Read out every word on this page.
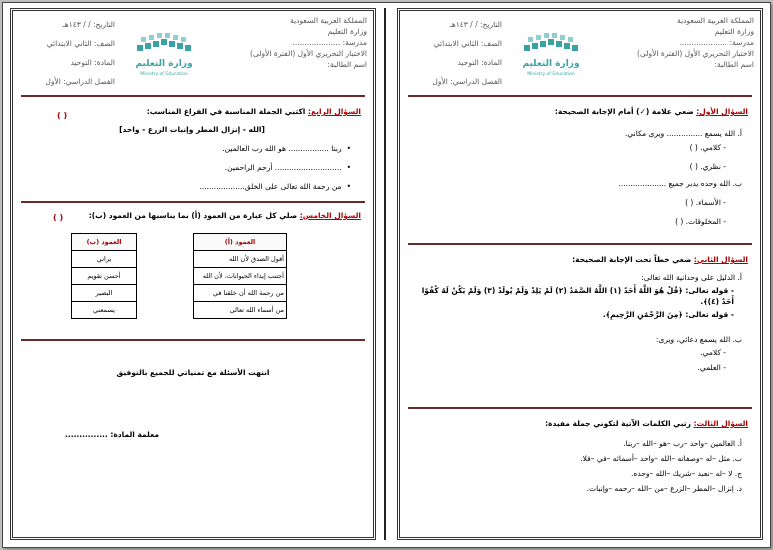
المملكة العربية السعودية
وزارة التعليم
مدرسة: ....................
الاختبار التحريري الأول (الفترة الأولى)
اسم الطالبة:
وزارة التعليم
Ministry of Education
التاريخ: / / ١٤٣هـ
الصف: الثاني الابتدائي
المادة: التوحيد
الفصل الدراسي: الأول
السؤال الأول: ضعي علامة (✓) أمام الإجابة الصحيحة:
أ. الله يسمع ............... ويرى مكاني.
- كلامي. ( )
- نظري. ( )
ب. الله وحده يدبر جميع ....................
- الأسماء. ( )
- المخلوقات. ( )
السؤال الثاني: ضعي خطاً تحت الإجابة الصحيحة:
أ. الدليل على وحدانية الله تعالى:
- قوله تعالى: ﴿قُلْ هُوَ اللَّهُ أَحَدٌ (١) اللَّهُ الصَّمَدُ (٢) لَمْ يَلِدْ وَلَمْ يُولَدْ (٣) وَلَمْ يَكُنْ لَهُ كُفُوًا أَحَدٌ (٤)﴾.
- قوله تعالى: ﴿مِنَ الرَّحْمَٰنِ الرَّحِيمِ﴾.
ب. الله يسمع دعائي، ويرى:
- كلامي.
- العلمي.
السؤال الثالث: رتبي الكلمات الآتية لتكوني جملة مفيدة:
أ. العالمين –واحد –رب –هو –الله –ربنا.
ب. مثل –له –وصفاته –الله –واحد –أسمائه –في –فلا.
ج. لا –له –نعبد –شريك –الله –وحده.
د. إنزال –المطر –الزرع –من –الله –رحمه –وإنبات.
المملكة العربية السعودية
وزارة التعليم
مدرسة: ....................
الاختبار التحريري الأول (الفترة الأولى)
اسم الطالبة:
وزارة التعليم
Ministry of Education
التاريخ: / / ١٤٣هـ
الصف: الثاني الابتدائي
المادة: التوحيد
الفصل الدراسي: الأول
السؤال الرابع: اكتبي الجملة المناسبة في الفراغ المناسب:
[الله - إنزال المطر وإنبات الزرع - واحد]
• ربنا ................. هو الله رب العالمين.
• ............................ أرحم الراحمين.
• من رحمة الله تعالى على الخلق...................
( )
السؤال الخامس: صلي كل عبارة من العمود (أ) بما يناسبها من العمود (ب):
( )
العمود (أ)
أقول الصدق لأن الله
أجتنب إيذاء الحيوانات، لأن الله
من رحمة الله أن خلقنا في
من أسماء الله تعالى
العمود (ب)
يراني
أحسن تقويم
البصير
يسمعني
انتهت الأسئلة مع تمنياتي للجميع بالتوفيق
معلمة المادة: ...............
